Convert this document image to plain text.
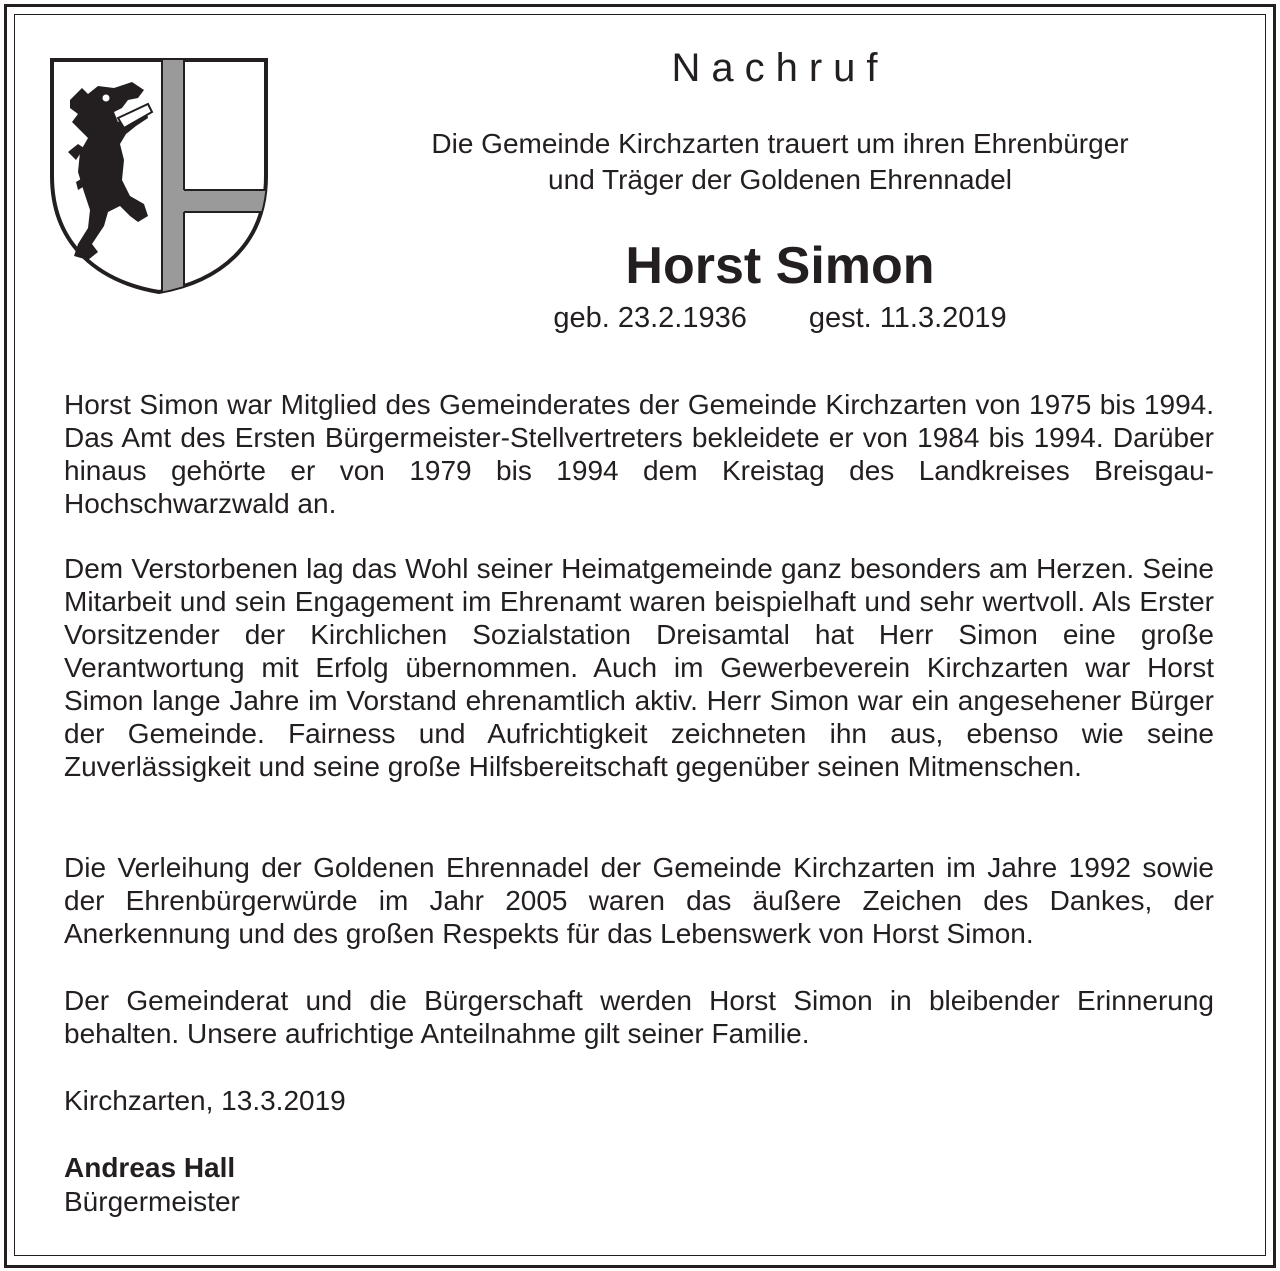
Nachruf
Die Gemeinde Kirchzarten trauert um ihren Ehrenbürger
und Träger der Goldenen Ehrennadel
Horst Simon
geb. 23.2.1936 gest. 11.3.2019

Horst Simon war Mitglied des Gemeinderates der Gemeinde Kirchzarten von 1975 bis 1994. Das Amt des Ersten Bürgermeister-Stellvertreters bekleidete er von 1984 bis 1994. Darüber hinaus gehörte er von 1979 bis 1994 dem Kreistag des Landkreises Breisgau-Hochschwarzwald an.

Dem Verstorbenen lag das Wohl seiner Heimatgemeinde ganz besonders am Herzen. Seine Mitarbeit und sein Engagement im Ehrenamt waren beispielhaft und sehr wertvoll. Als Erster Vorsitzender der Kirchlichen Sozialstation Dreisamtal hat Herr Simon eine große Verantwortung mit Erfolg übernommen. Auch im Gewerbeverein Kirchzarten war Horst Simon lange Jahre im Vorstand ehrenamtlich aktiv. Herr Simon war ein angesehener Bürger der Gemeinde. Fairness und Aufrichtigkeit zeichneten ihn aus, ebenso wie seine Zuverlässigkeit und seine große Hilfsbereitschaft gegenüber seinen Mitmenschen.

Die Verleihung der Goldenen Ehrennadel der Gemeinde Kirchzarten im Jahre 1992 sowie der Ehrenbürgerwürde im Jahr 2005 waren das äußere Zeichen des Dankes, der Anerkennung und des großen Respekts für das Lebenswerk von Horst Simon.

Der Gemeinderat und die Bürgerschaft werden Horst Simon in bleibender Erinnerung behalten. Unsere aufrichtige Anteilnahme gilt seiner Familie.

Kirchzarten, 13.3.2019

Andreas Hall

Bürgermeister
